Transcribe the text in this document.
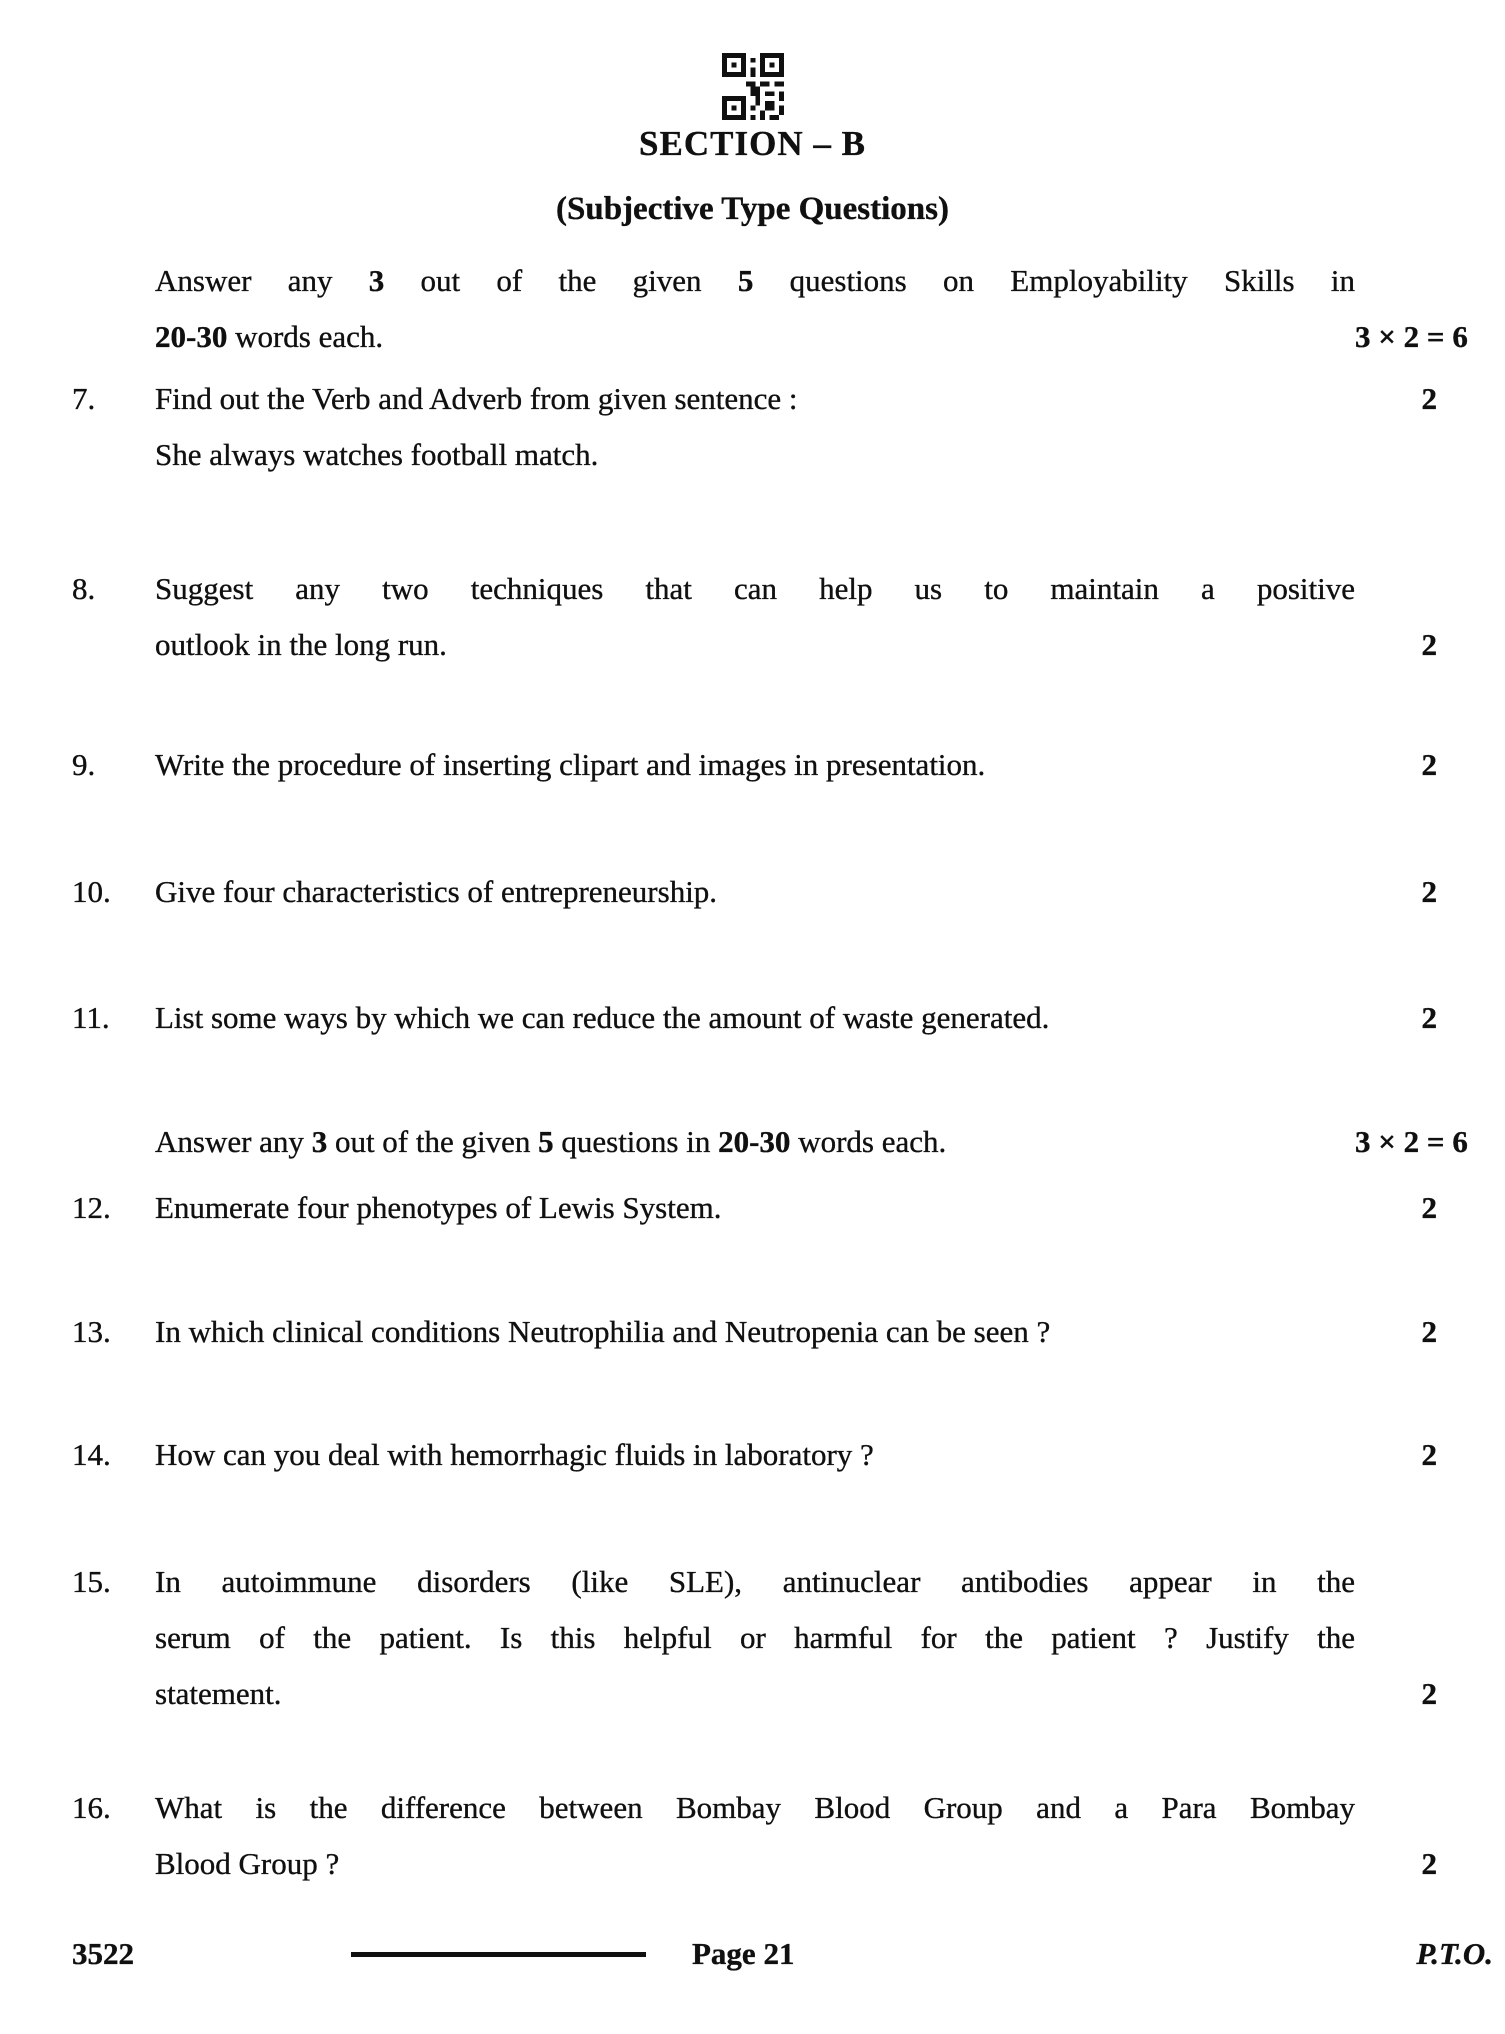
SECTION – B
(Subjective Type Questions)
Answer any 3 out of the given 5 questions on Employability Skills in
20-30 words each.	3 × 2 = 6
7.	Find out the Verb and Adverb from given sentence :
She always watches football match.
2
8.	Suggest any two techniques that can help us to maintain a positive
outlook in the long run.	2
9.	Write the procedure of inserting clipart and images in presentation.	2
10.	Give four characteristics of entrepreneurship.	2
11.	List some ways by which we can reduce the amount of waste generated.	2
Answer any 3 out of the given 5 questions in 20-30 words each.	3 × 2 = 6
12.	Enumerate four phenotypes of Lewis System.	2
13.	In which clinical conditions Neutrophilia and Neutropenia can be seen ?	2
14.	How can you deal with hemorrhagic fluids in laboratory ?	2
15.	In autoimmune disorders (like SLE), antinuclear antibodies appear in the
serum of the patient. Is this helpful or harmful for the patient ? Justify the
statement.	2
16.	What is the difference between Bombay Blood Group and a Para Bombay
Blood Group ?	2
3522	Page 21	P.T.O.
